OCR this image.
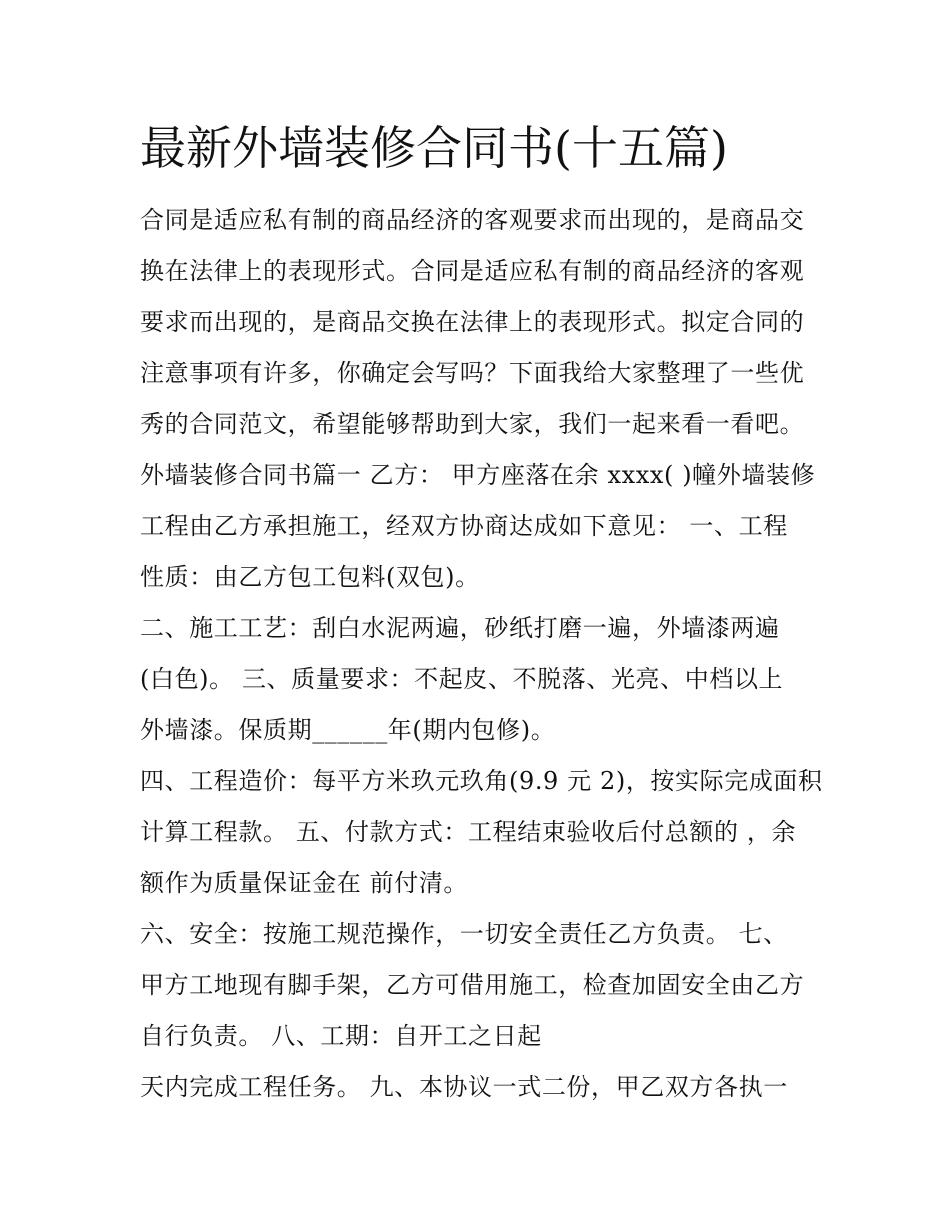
最新外墙装修合同书(十五篇)
合同是适应私有制的商品经济的客观要求而出现的，是商品交
换在法律上的表现形式。合同是适应私有制的商品经济的客观
要求而出现的，是商品交换在法律上的表现形式。拟定合同的
注意事项有许多，你确定会写吗？下面我给大家整理了一些优
秀的合同范文，希望能够帮助到大家，我们一起来看一看吧。
外墙装修合同书篇一 乙方： 甲方座落在余 xxxx( )幢外墙装修
工程由乙方承担施工，经双方协商达成如下意见： 一、工程
性质：由乙方包工包料(双包)。
二、施工工艺：刮白水泥两遍，砂纸打磨一遍，外墙漆两遍
(白色)。 三、质量要求：不起皮、不脱落、光亮、中档以上
外墙漆。保质期______年(期内包修)。
四、工程造价：每平方米玖元玖角(9.9 元 2)，按实际完成面积
计算工程款。 五、付款方式：工程结束验收后付总额的 ，余
额作为质量保证金在 前付清。
六、安全：按施工规范操作，一切安全责任乙方负责。 七、
甲方工地现有脚手架，乙方可借用施工，检查加固安全由乙方
自行负责。 八、工期：自开工之日起
天内完成工程任务。 九、本协议一式二份，甲乙双方各执一
